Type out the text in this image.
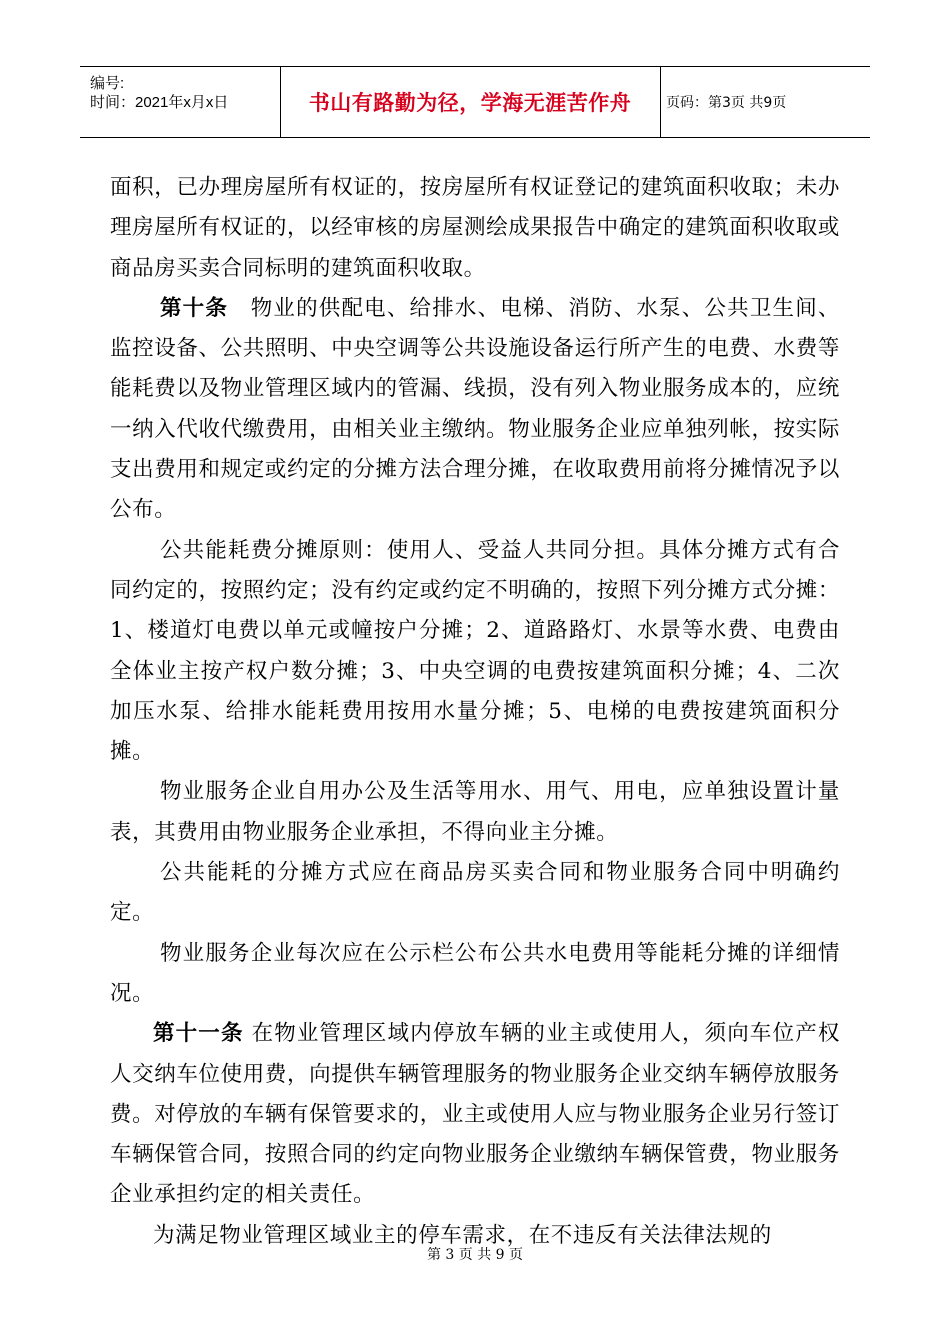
编号:
时间：2021年x月x日	书山有路勤为径，学海无涯苦作舟 页码：第3页 共9页

面积，已办理房屋所有权证的，按房屋所有权证登记的建筑面积收取；未办理房屋所有权证的，以经审核的房屋测绘成果报告中确定的建筑面积收取或商品房买卖合同标明的建筑面积收取。

第十条　物业的供配电、给排水、电梯、消防、水泵、公共卫生间、监控设备、公共照明、中央空调等公共设施设备运行所产生的电费、水费等能耗费以及物业管理区域内的管漏、线损，没有列入物业服务成本的，应统一纳入代收代缴费用，由相关业主缴纳。物业服务企业应单独列帐，按实际支出费用和规定或约定的分摊方法合理分摊，在收取费用前将分摊情况予以公布。

公共能耗费分摊原则：使用人、受益人共同分担。具体分摊方式有合同约定的，按照约定；没有约定或约定不明确的，按照下列分摊方式分摊： 1、楼道灯电费以单元或幢按户分摊；2、道路路灯、水景等水费、电费由全体业主按产权户数分摊；3、中央空调的电费按建筑面积分摊；4、二次加压水泵、给排水能耗费用按用水量分摊；5、电梯的电费按建筑面积分摊。

物业服务企业自用办公及生活等用水、用气、用电，应单独设置计量表，其费用由物业服务企业承担，不得向业主分摊。

公共能耗的分摊方式应在商品房买卖合同和物业服务合同中明确约定。

物业服务企业每次应在公示栏公布公共水电费用等能耗分摊的详细情况。

第十一条 在物业管理区域内停放车辆的业主或使用人，须向车位产权人交纳车位使用费，向提供车辆管理服务的物业服务企业交纳车辆停放服务费。对停放的车辆有保管要求的，业主或使用人应与物业服务企业另行签订车辆保管合同，按照合同的约定向物业服务企业缴纳车辆保管费，物业服务企业承担约定的相关责任。

为满足物业管理区域业主的停车需求，在不违反有关法律法规的

第 3 页 共 9 页
